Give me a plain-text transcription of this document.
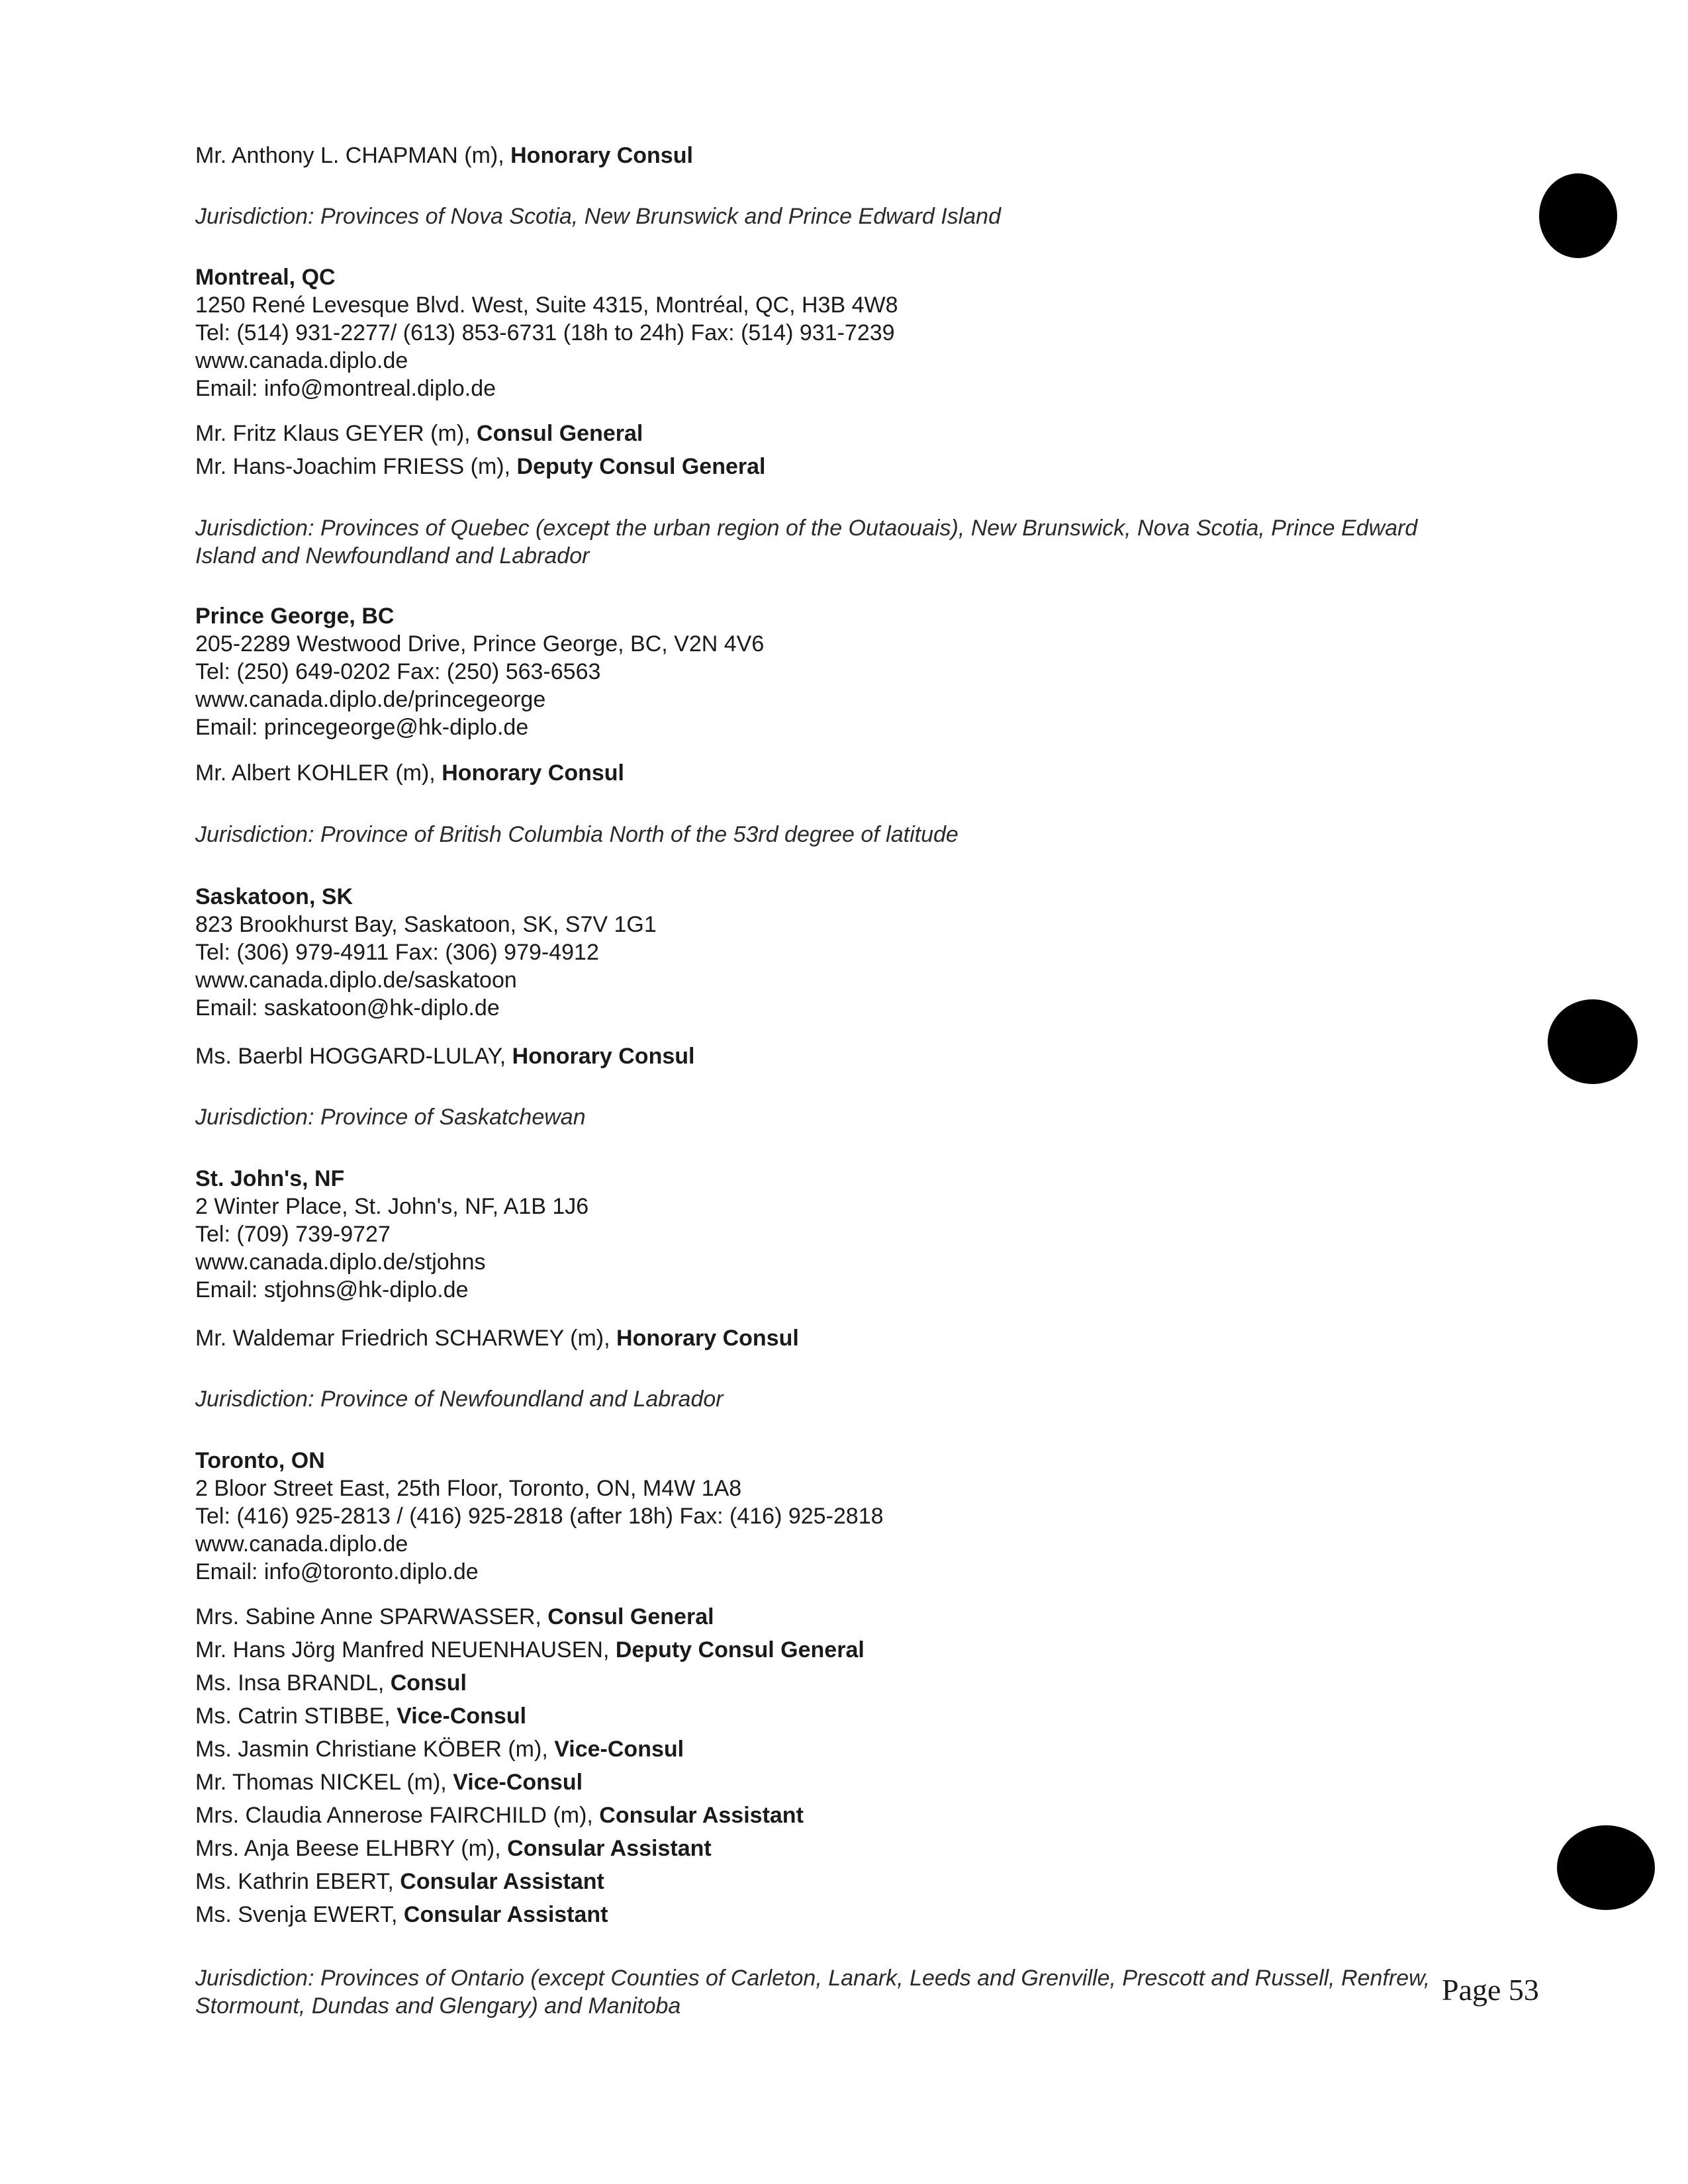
Mr. Anthony L. CHAPMAN (m), Honorary Consul
Jurisdiction: Provinces of Nova Scotia, New Brunswick and Prince Edward Island
Montreal, QC
1250 René Levesque Blvd. West, Suite 4315, Montréal, QC, H3B 4W8
Tel: (514) 931-2277/ (613) 853-6731 (18h to 24h) Fax: (514) 931-7239
www.canada.diplo.de
Email: info@montreal.diplo.de
Mr. Fritz Klaus GEYER (m), Consul General
Mr. Hans-Joachim FRIESS (m), Deputy Consul General
Jurisdiction: Provinces of Quebec (except the urban region of the Outaouais), New Brunswick, Nova Scotia, Prince Edward Island and Newfoundland and Labrador
Prince George, BC
205-2289 Westwood Drive, Prince George, BC, V2N 4V6
Tel: (250) 649-0202 Fax: (250) 563-6563
www.canada.diplo.de/princegeorge
Email: princegeorge@hk-diplo.de
Mr. Albert KOHLER (m), Honorary Consul
Jurisdiction: Province of British Columbia North of the 53rd degree of latitude
Saskatoon, SK
823 Brookhurst Bay, Saskatoon, SK, S7V 1G1
Tel: (306) 979-4911 Fax: (306) 979-4912
www.canada.diplo.de/saskatoon
Email: saskatoon@hk-diplo.de
Ms. Baerbl HOGGARD-LULAY, Honorary Consul
Jurisdiction: Province of Saskatchewan
St. John's, NF
2 Winter Place, St. John's, NF, A1B 1J6
Tel: (709) 739-9727
www.canada.diplo.de/stjohns
Email: stjohns@hk-diplo.de
Mr. Waldemar Friedrich SCHARWEY (m), Honorary Consul
Jurisdiction: Province of Newfoundland and Labrador
Toronto, ON
2 Bloor Street East, 25th Floor, Toronto, ON, M4W 1A8
Tel: (416) 925-2813 / (416) 925-2818 (after 18h) Fax: (416) 925-2818
www.canada.diplo.de
Email: info@toronto.diplo.de
Mrs. Sabine Anne SPARWASSER, Consul General
Mr. Hans Jörg Manfred NEUENHAUSEN, Deputy Consul General
Ms. Insa BRANDL, Consul
Ms. Catrin STIBBE, Vice-Consul
Ms. Jasmin Christiane KÖBER (m), Vice-Consul
Mr. Thomas NICKEL (m), Vice-Consul
Mrs. Claudia Annerose FAIRCHILD (m), Consular Assistant
Mrs. Anja Beese ELHBRY (m), Consular Assistant
Ms. Kathrin EBERT, Consular Assistant
Ms. Svenja EWERT, Consular Assistant
Jurisdiction: Provinces of Ontario (except Counties of Carleton, Lanark, Leeds and Grenville, Prescott and Russell, Renfrew, Stormount, Dundas and Glengary) and Manitoba	Page 53
